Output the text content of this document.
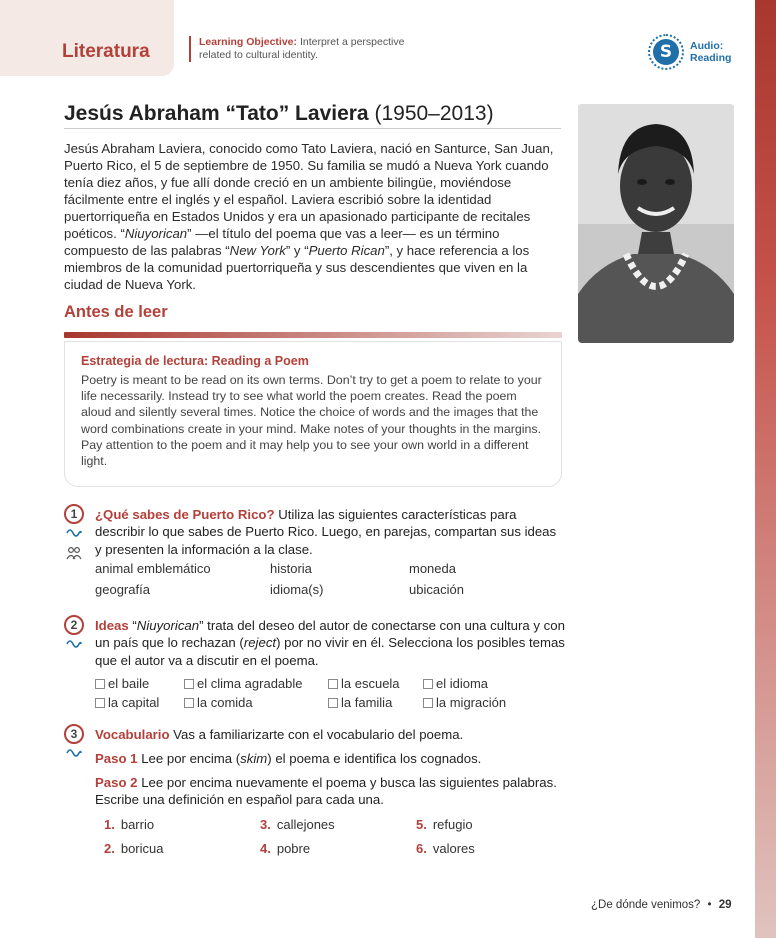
Literatura	Learning Objective: Interpret a perspective related to cultural identity.	S	Audio:
Reading
Jesús Abraham “Tato” Laviera (1950–2013)
Jesús Abraham Laviera, conocido como Tato Laviera, nació en Santurce, San Juan, Puerto Rico, el 5 de septiembre de 1950. Su familia se mudó a Nueva York cuando tenía diez años, y fue allí donde creció en un ambiente bilingüe, moviéndose fácilmente entre el inglés y el español. Laviera escribió sobre la identidad puertorriqueña en Estados Unidos y era un apasionado participante de recitales poéticos. “Niuyorican” —el título del poema que vas a leer— es un término compuesto de las palabras “New York” y “Puerto Rican”, y hace referencia a los miembros de la comunidad puertorriqueña y sus descendientes que viven en la ciudad de Nueva York.
Antes de leer
Estrategia de lectura: Reading a Poem

Poetry is meant to be read on its own terms. Don’t try to get a poem to relate to your life necessarily. Instead try to see what world the poem creates. Read the poem aloud and silently several times. Notice the choice of words and the images that the word combinations create in your mind. Make notes of your thoughts in the margins. Pay attention to the poem and it may help you to see your own world in a different light.

1	¿Qué sabes de Puerto Rico? Utiliza las siguientes características para describir lo que sabes de Puerto Rico. Luego, en parejas, compartan sus ideas y presenten la información a la clase.
animal emblemático	historia	moneda
geografía	idioma(s)	ubicación
2	Ideas “Niuyorican” trata del deseo del autor de conectarse con una cultura y con un país que lo rechazan (reject) por no vivir en él. Selecciona los posibles temas que el autor va a discutir en el poema.
el baile	el clima agradable	la escuela	el idioma
la capital	la comida	la familia	la migración
3	Vocabulario Vas a familiarizarte con el vocabulario del poema.
Paso 1 Lee por encima (skim) el poema e identifica los cognados.
Paso 2 Lee por encima nuevamente el poema y busca las siguientes palabras. Escribe una definición en español para cada una.
1. barrio	3. callejones	5. refugio
2. boricua	4. pobre	6. valores
¿De dónde venimos? • 29
